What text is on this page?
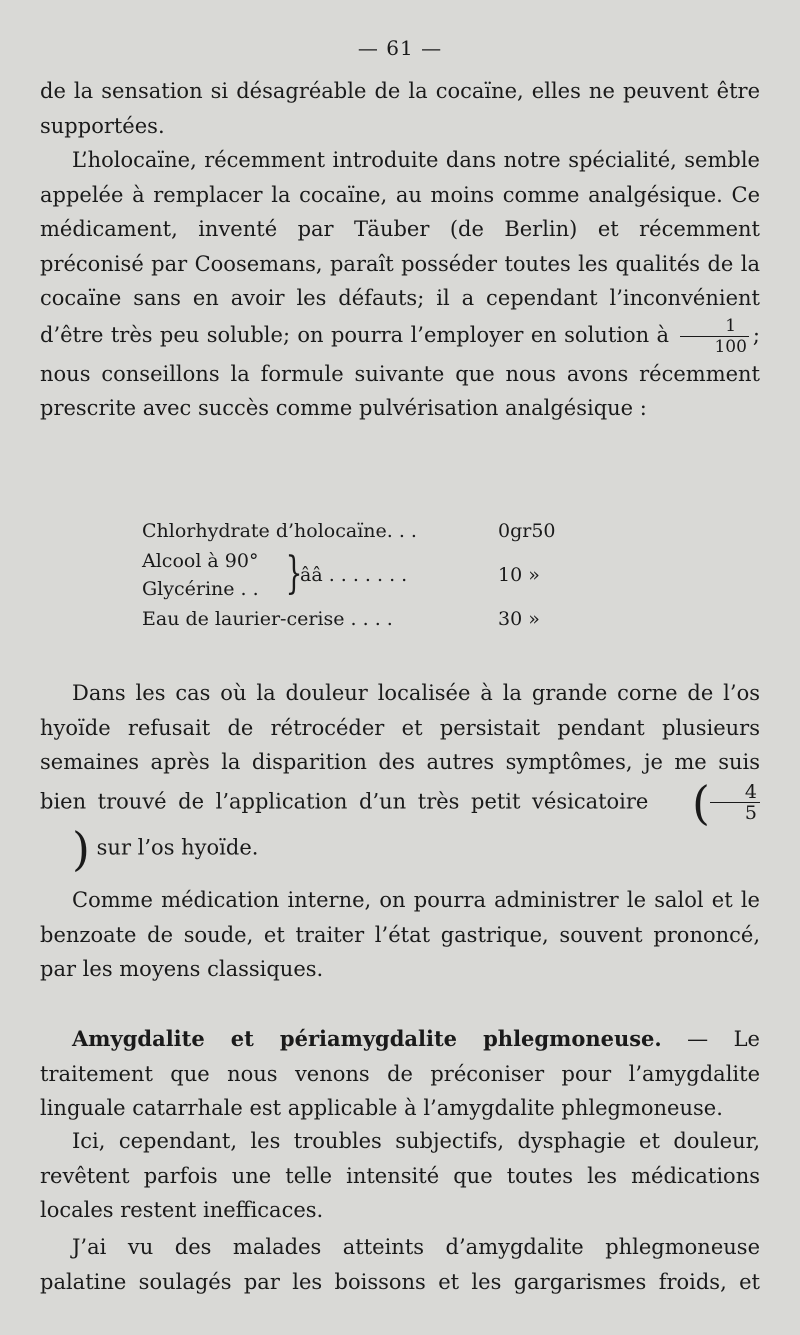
— 61 —
de la sensation si désagréable de la cocaïne, elles ne peuvent être supportées.
L’holocaïne, récemment introduite dans notre spécialité, semble appelée à remplacer la cocaïne, au moins comme analgésique. Ce médicament, inventé par Täuber (de Berlin) et récemment préconisé par Coosemans, paraît posséder toutes les qualités de la cocaïne sans en avoir les défauts; il a cependant l’inconvénient d’être très peu soluble; on pourra l’employer en solution à $\frac{1}{100}$ ; nous conseillons la formule suivante que nous avons récemment prescrite avec succès comme pulvérisation analgésique :
Chlorhydrate d’holocaïne. . .	0gr50
Alcool à 90°
Glycérine . . }
ââ . . . . . . .	10 »
Eau de laurier-cerise . . . .	30 »
Dans les cas où la douleur localisée à la grande corne de l’os hyoïde refusait de rétrocéder et persistait pendant plusieurs semaines après la disparition des autres symptômes, je me suis bien trouvé de l’application d’un très petit vésicatoire ( $\frac{4}{5}$
) sur l’os hyoïde.
Comme médication interne, on pourra administrer le salol et le benzoate de soude, et traiter l’état gastrique, souvent prononcé, par les moyens classiques.
Amygdalite et périamygdalite phlegmoneuse. — Le traitement que nous venons de préconiser pour l’amygdalite linguale catarrhale est applicable à l’amygdalite phlegmoneuse.
Ici, cependant, les troubles subjectifs, dysphagie et douleur, revêtent parfois une telle intensité que toutes les médications locales restent inefficaces.
J’ai vu des malades atteints d’amygdalite phlegmoneuse palatine soulagés par les boissons et les gargarismes froids, et
